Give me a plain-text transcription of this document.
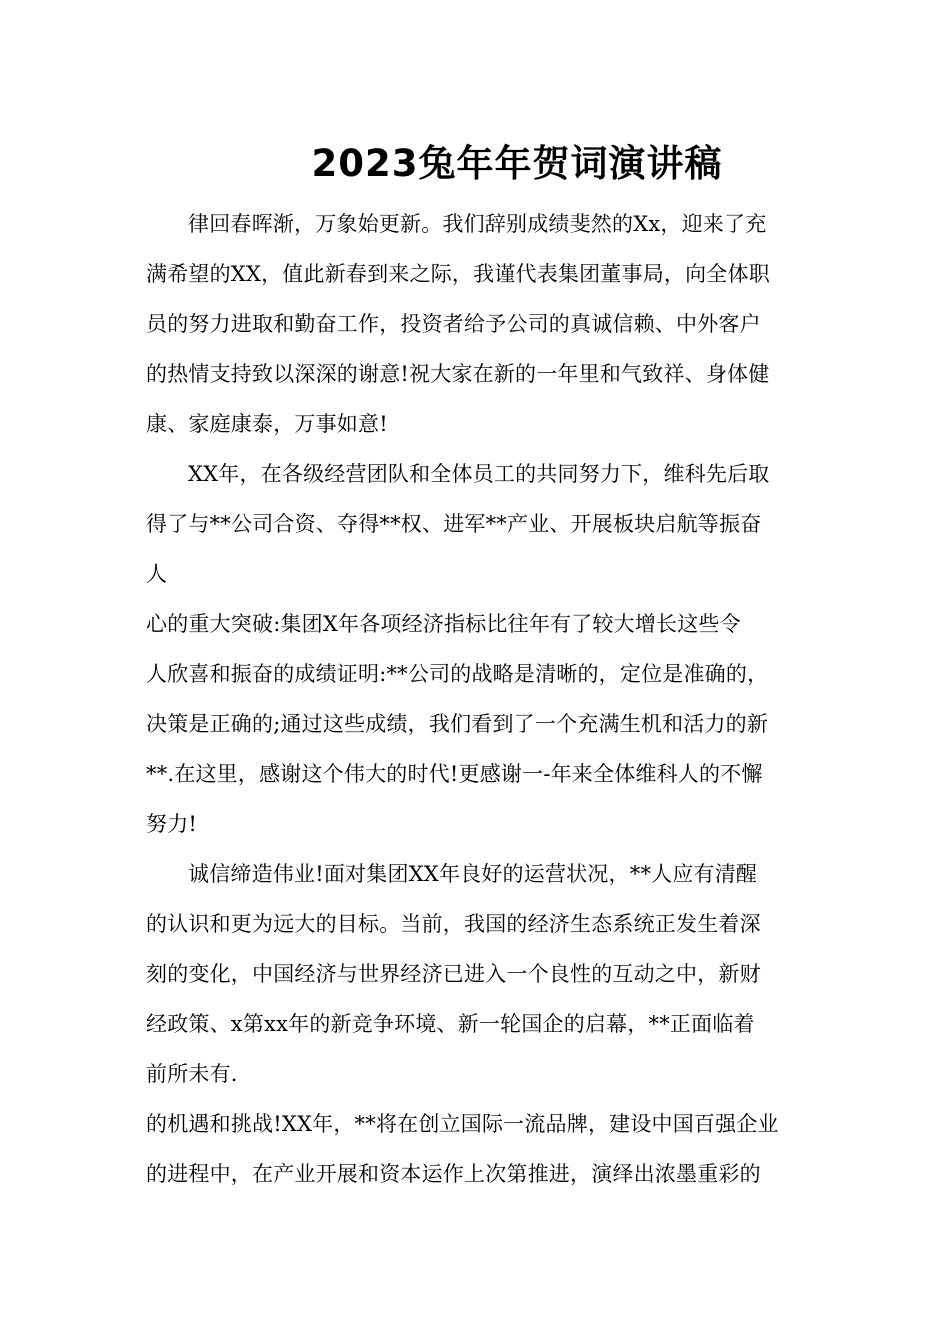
2023兔年年贺词演讲稿
律回春晖渐，万象始更新。我们辞别成绩斐然的Xx，迎来了充
满希望的XX，值此新春到来之际，我谨代表集团董事局，向全体职
员的努力进取和勤奋工作，投资者给予公司的真诚信赖、中外客户
的热情支持致以深深的谢意!祝大家在新的一年里和气致祥、身体健
康、家庭康泰，万事如意!
XX年，在各级经营团队和全体员工的共同努力下，维科先后取
得了与**公司合资、夺得**权、进军**产业、开展板块启航等振奋
人
心的重大突破:集团X年各项经济指标比往年有了较大增长这些令
人欣喜和振奋的成绩证明:**公司的战略是清晰的，定位是准确的，
决策是正确的;通过这些成绩，我们看到了一个充满生机和活力的新
**.在这里，感谢这个伟大的时代!更感谢一-年来全体维科人的不懈
努力!
诚信缔造伟业!面对集团XX年良好的运营状况，**人应有清醒
的认识和更为远大的目标。当前，我国的经济生态系统正发生着深
刻的变化，中国经济与世界经济已进入一个良性的互动之中，新财
经政策、x第xx年的新竞争环境、新一轮国企的启幕，**正面临着
前所未有.
的机遇和挑战!XX年，**将在创立国际一流品牌，建设中国百强企业
的进程中，在产业开展和资本运作上次第推进，演绎出浓墨重彩的
